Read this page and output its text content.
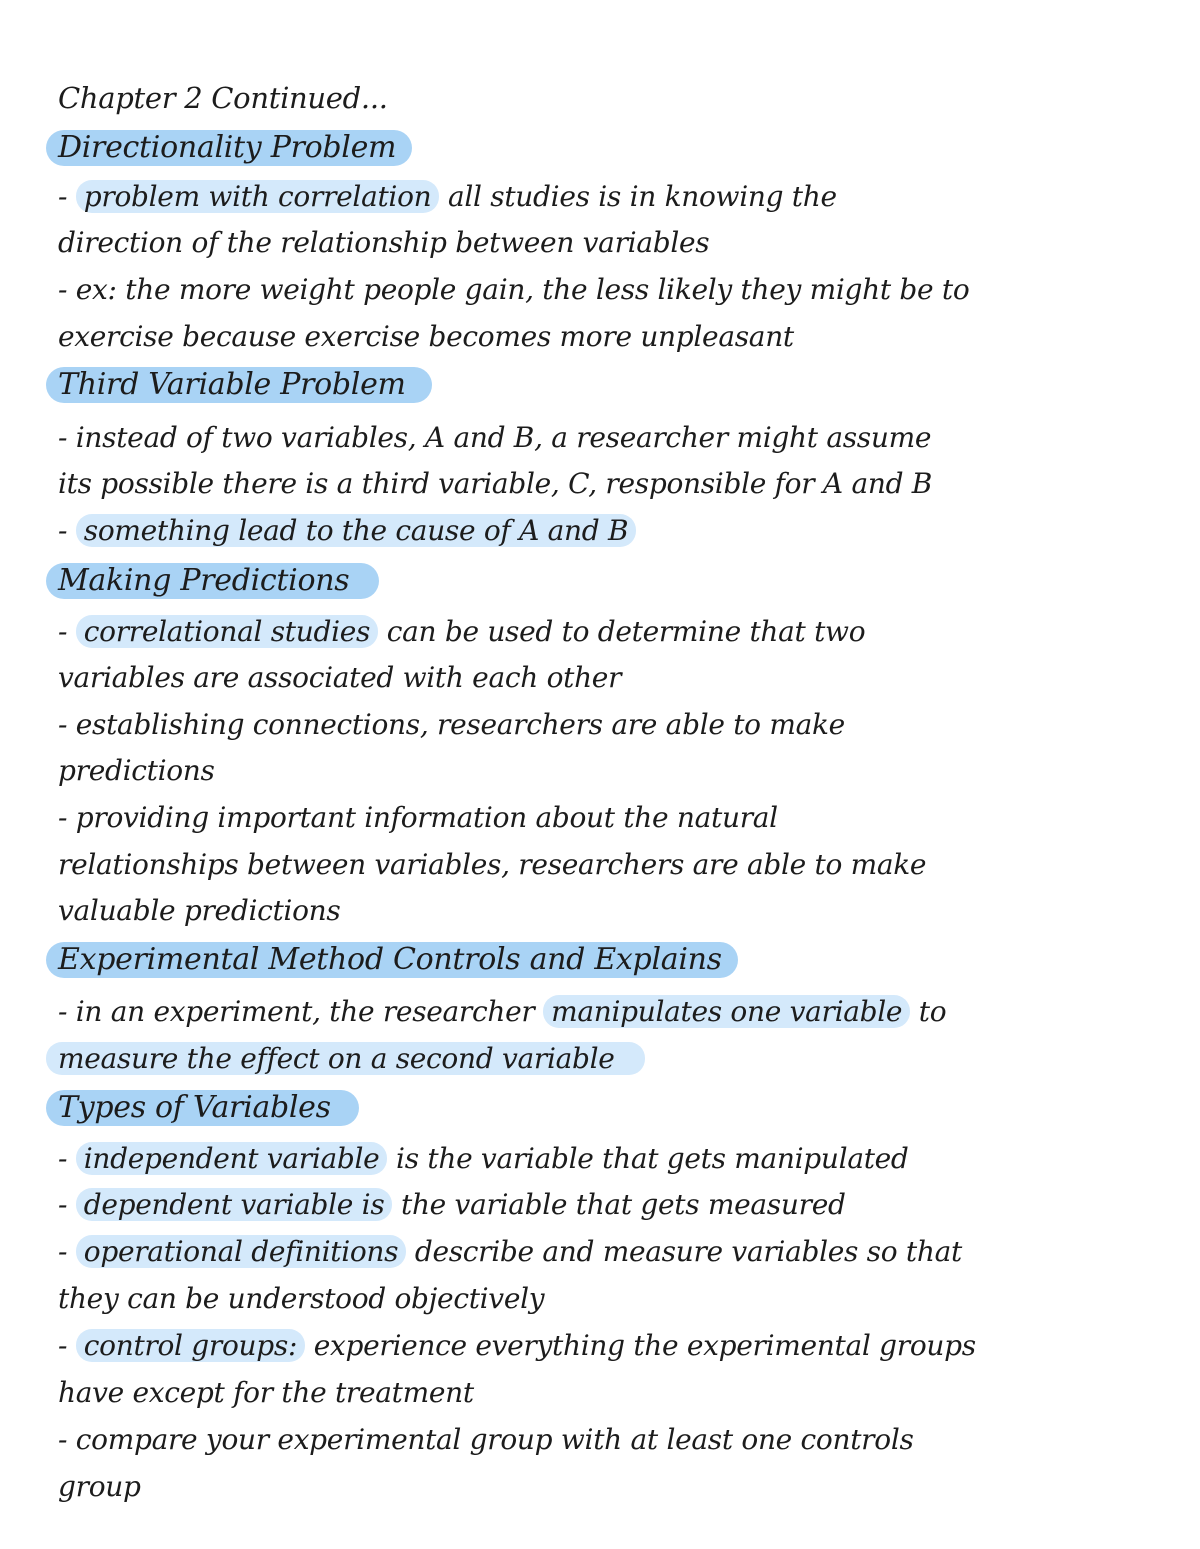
Chapter 2 Continued...
Directionality Problem
- problem with correlation all studies is in knowing the
direction of the relationship between variables
- ex: the more weight people gain, the less likely they might be to
exercise because exercise becomes more unpleasant
Third Variable Problem
- instead of two variables, A and B, a researcher might assume
its possible there is a third variable, C, responsible for A and B
- something lead to the cause of A and B
Making Predictions
- correlational studies can be used to determine that two
variables are associated with each other
- establishing connections, researchers are able to make
predictions
- providing important information about the natural
relationships between variables, researchers are able to make
valuable predictions
Experimental Method Controls and Explains
- in an experiment, the researcher manipulates one variable to
measure the effect on a second variable
Types of Variables
- independent variable is the variable that gets manipulated
- dependent variable is the variable that gets measured
- operational definitions describe and measure variables so that
they can be understood objectively
- control groups: experience everything the experimental groups
have except for the treatment
- compare your experimental group with at least one controls
group
